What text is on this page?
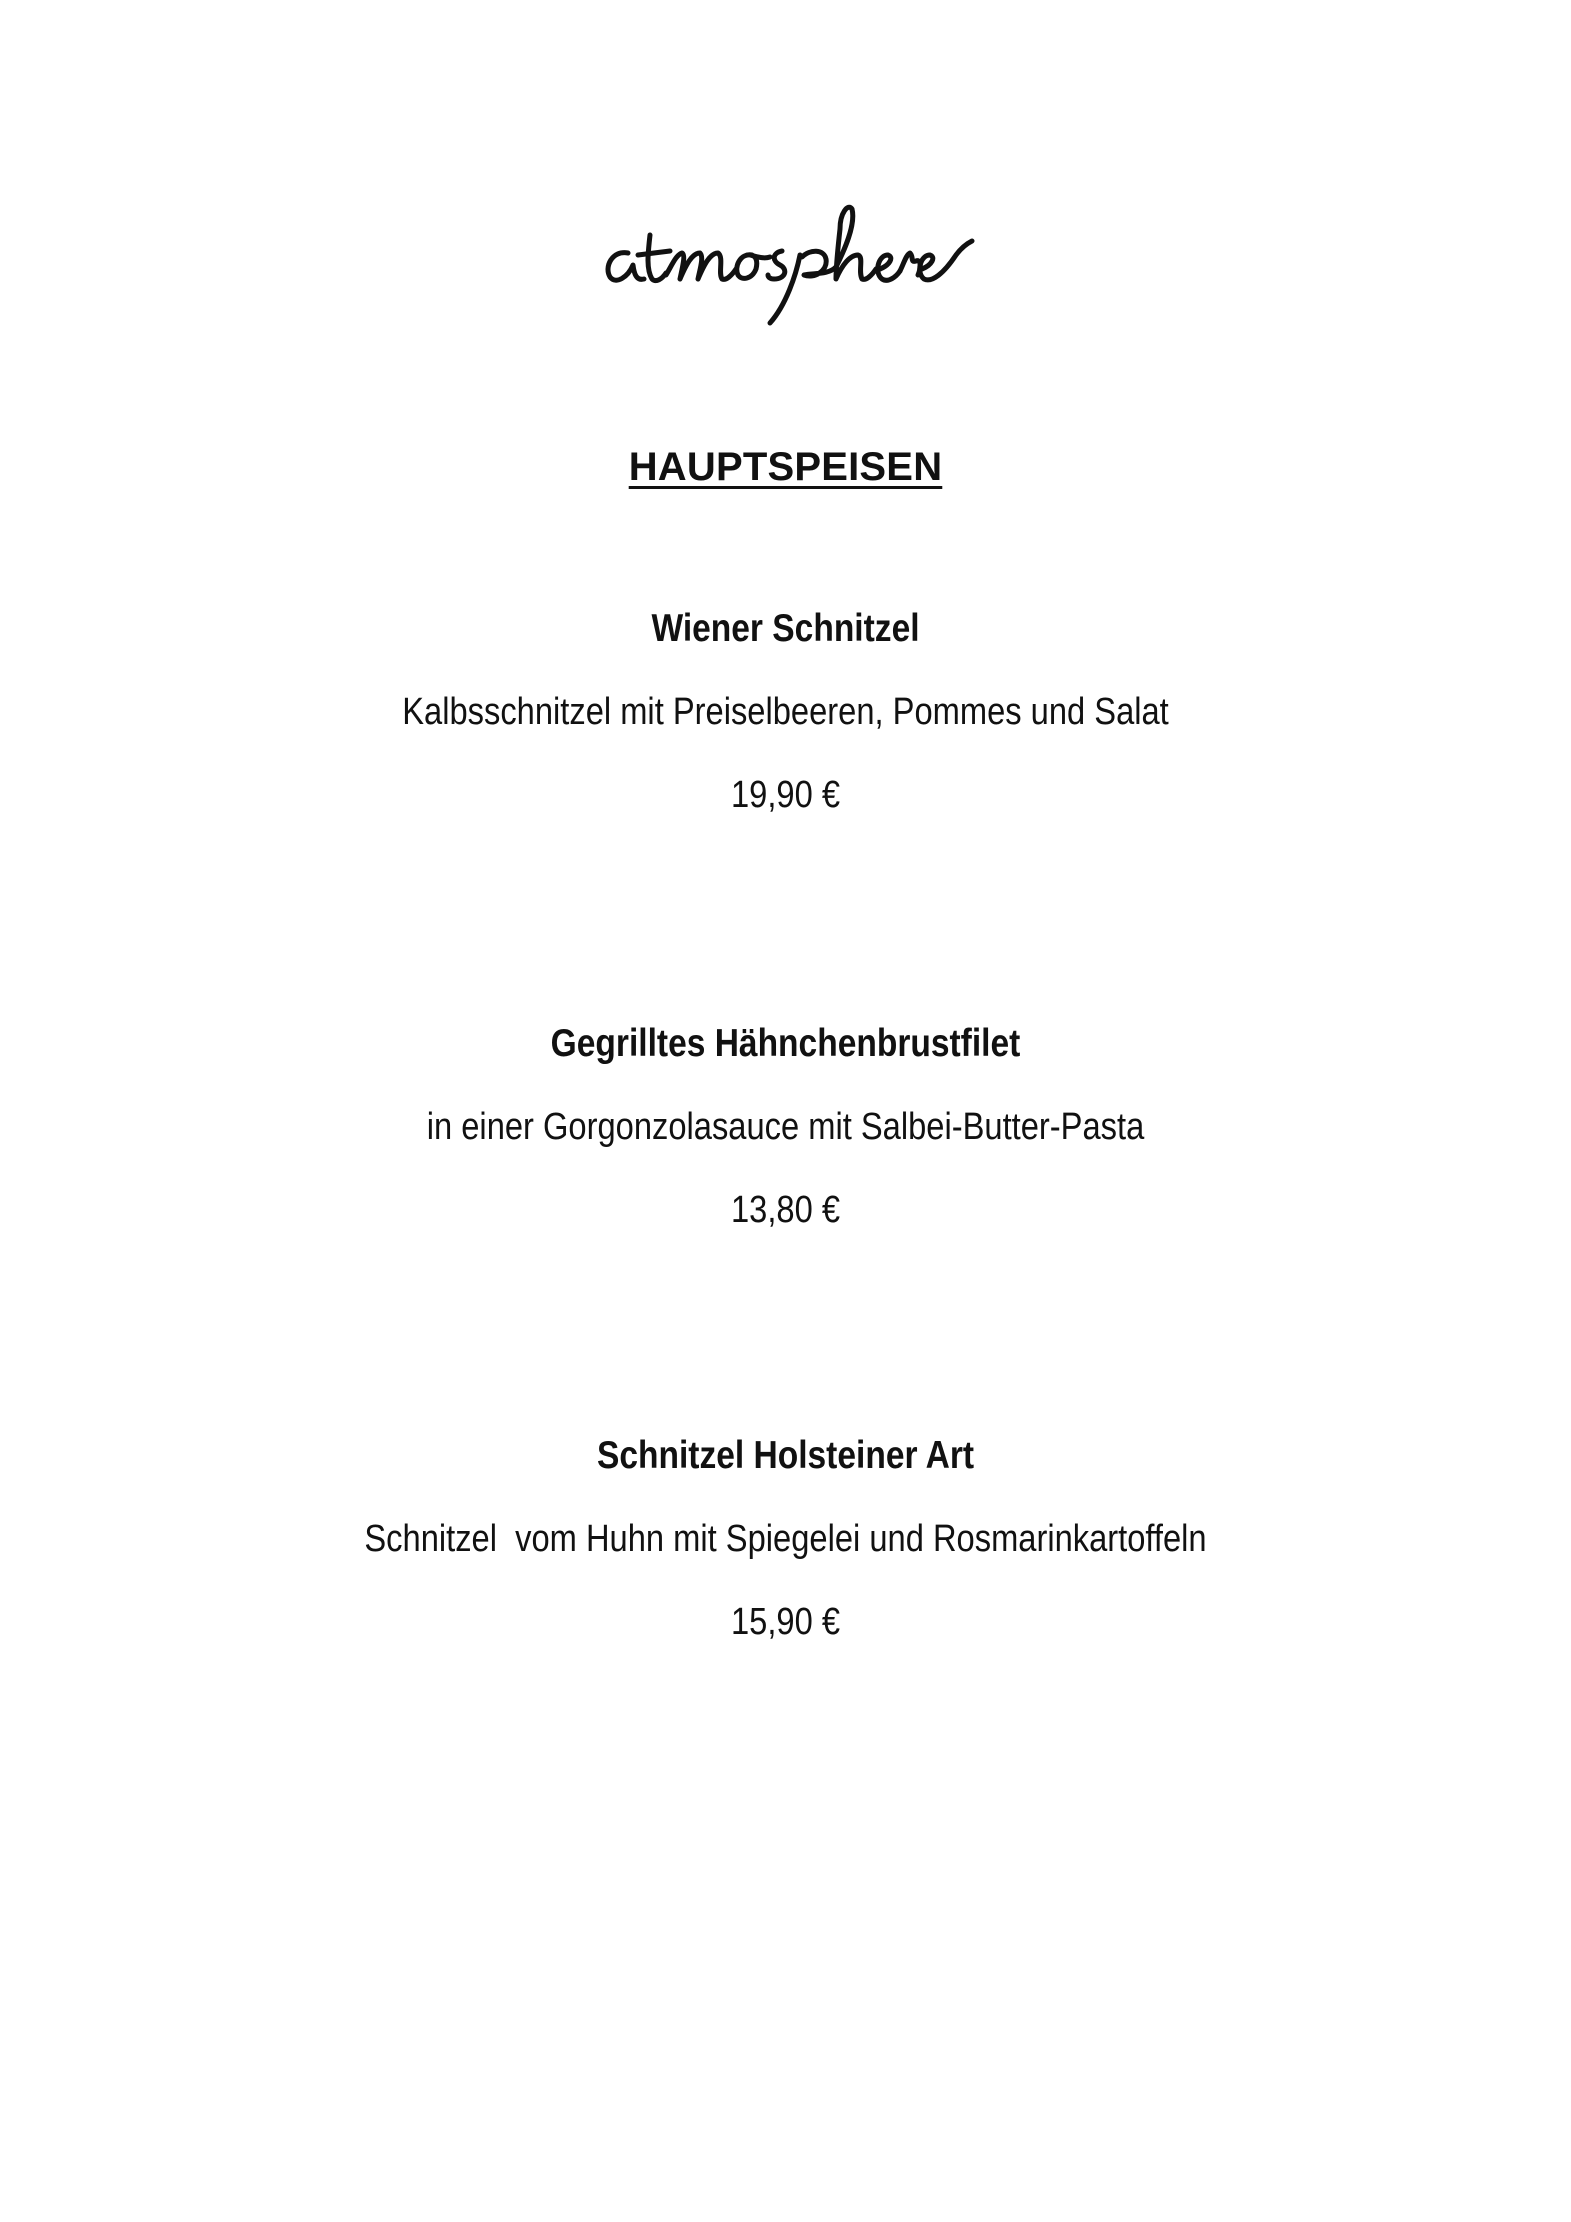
HAUPTSPEISEN
Wiener Schnitzel
Kalbsschnitzel mit Preiselbeeren, Pommes und Salat
19,90 €
Gegrilltes Hähnchenbrustfilet
in einer Gorgonzolasauce mit Salbei-Butter-Pasta
13,80 €
Schnitzel Holsteiner Art
Schnitzel  vom Huhn mit Spiegelei und Rosmarinkartoffeln
15,90 €
